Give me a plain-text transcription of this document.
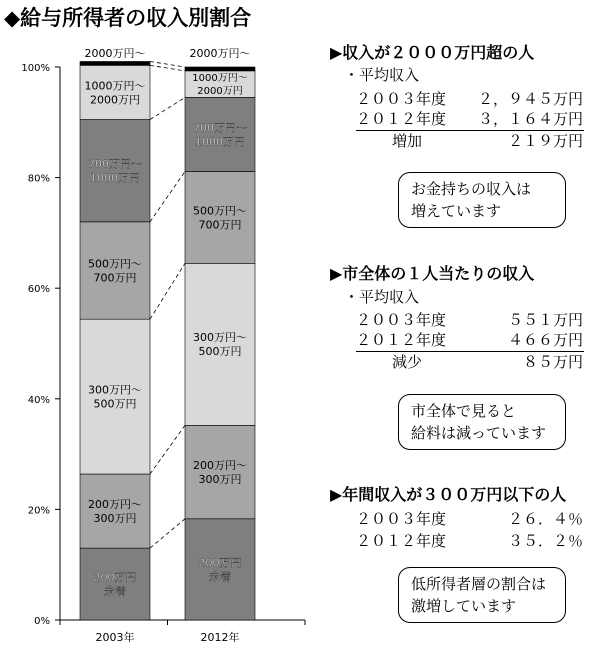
◆給与所得者の収入別割合
0%
20%
40%
60%
80%
100%
2003年	2012年
200万円
未満
200万円～
300万円
300万円～
500万円
500万円～
700万円
700万円～
1000万円
1000万円～
2000万円
200万円
未満
200万円～
300万円
300万円～
500万円
500万円～
700万円
700万円～
1000万円
1000万円～
2000万円
2000万円～	2000万円～	▶収入が２０００万円超の人
・平均収入
２００３年度	２，９４５万円
２０１２年度	３，１６４万円
増加	２１９万円
お金持ちの収入は
増えています
▶市全体の１人当たりの収入
・平均収入
２００３年度	５５１万円
２０１２年度	４６６万円
減少	８５万円
市全体で見ると
給料は減っています
▶年間収入が３００万円以下の人
２００３年度	２６．４％
２０１２年度	３５．２％
低所得者層の割合は
激増しています
